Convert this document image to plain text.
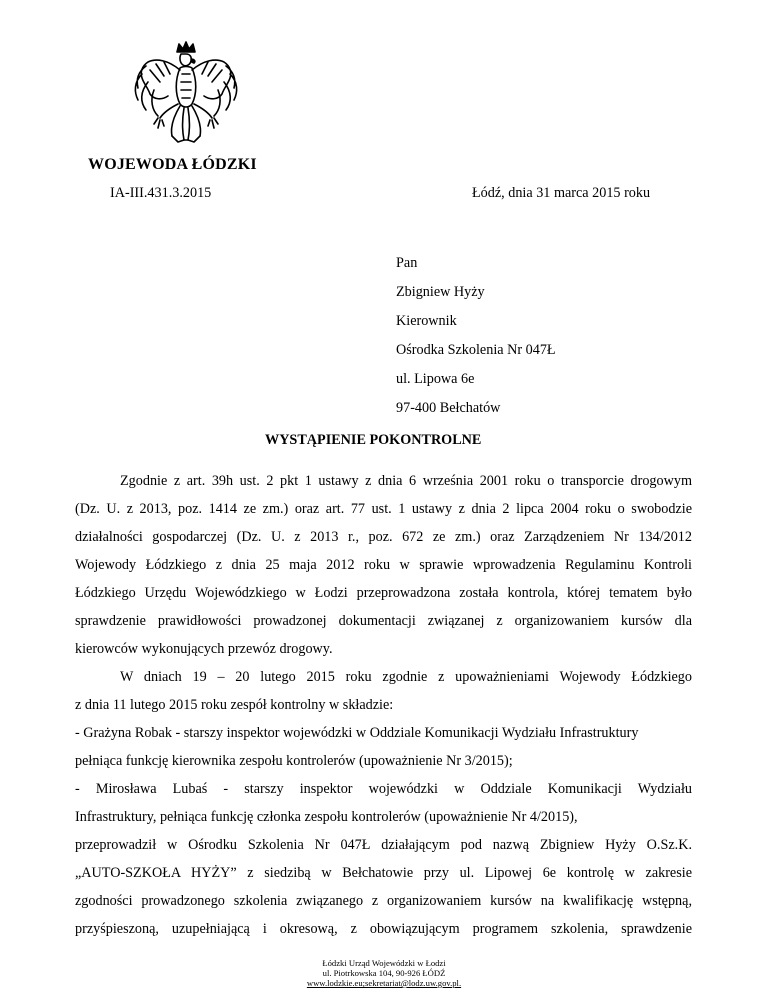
WOJEWODA ŁÓDZKI
IA-III.431.3.2015	Łódź, dnia 31 marca 2015 roku
Pan
Zbigniew Hyży
Kierownik
Ośrodka Szkolenia Nr 047Ł
ul. Lipowa 6e
97-400 Bełchatów
WYSTĄPIENIE POKONTROLNE
Zgodnie z art. 39h ust. 2 pkt 1 ustawy z dnia 6 września 2001 roku o transporcie drogowym
(Dz. U. z 2013, poz. 1414 ze zm.) oraz art. 77 ust. 1 ustawy z dnia 2 lipca 2004 roku o swobodzie
działalności gospodarczej (Dz. U. z 2013 r., poz. 672 ze zm.) oraz Zarządzeniem Nr 134/2012
Wojewody Łódzkiego z dnia 25 maja 2012 roku w sprawie wprowadzenia Regulaminu Kontroli
Łódzkiego Urzędu Wojewódzkiego w Łodzi przeprowadzona została kontrola, której tematem było
sprawdzenie prawidłowości prowadzonej dokumentacji związanej z organizowaniem kursów dla
kierowców wykonujących przewóz drogowy.
W dniach 19 – 20 lutego 2015 roku zgodnie z upoważnieniami Wojewody Łódzkiego
z dnia 11 lutego 2015 roku zespół kontrolny w składzie:
- Grażyna Robak - starszy inspektor wojewódzki w Oddziale Komunikacji Wydziału Infrastruktury
pełniąca funkcję kierownika zespołu kontrolerów (upoważnienie Nr 3/2015);
- Mirosława Lubaś - starszy inspektor wojewódzki w Oddziale Komunikacji Wydziału
Infrastruktury, pełniąca funkcję członka zespołu kontrolerów (upoważnienie Nr 4/2015),
przeprowadził w Ośrodku Szkolenia Nr 047Ł działającym pod nazwą Zbigniew Hyży O.Sz.K.
„AUTO-SZKOŁA HYŻY” z siedzibą w Bełchatowie przy ul. Lipowej 6e kontrolę w zakresie
zgodności prowadzonego szkolenia związanego z organizowaniem kursów na kwalifikację wstępną,
przyśpieszoną, uzupełniającą i okresową, z obowiązującym programem szkolenia, sprawdzenie
Łódzki Urząd Wojewódzki w Łodzi
ul. Piotrkowska 104, 90-926 ŁÓDŹ
www.lodzkie.eu;sekretariat@lodz.uw.gov.pl.
